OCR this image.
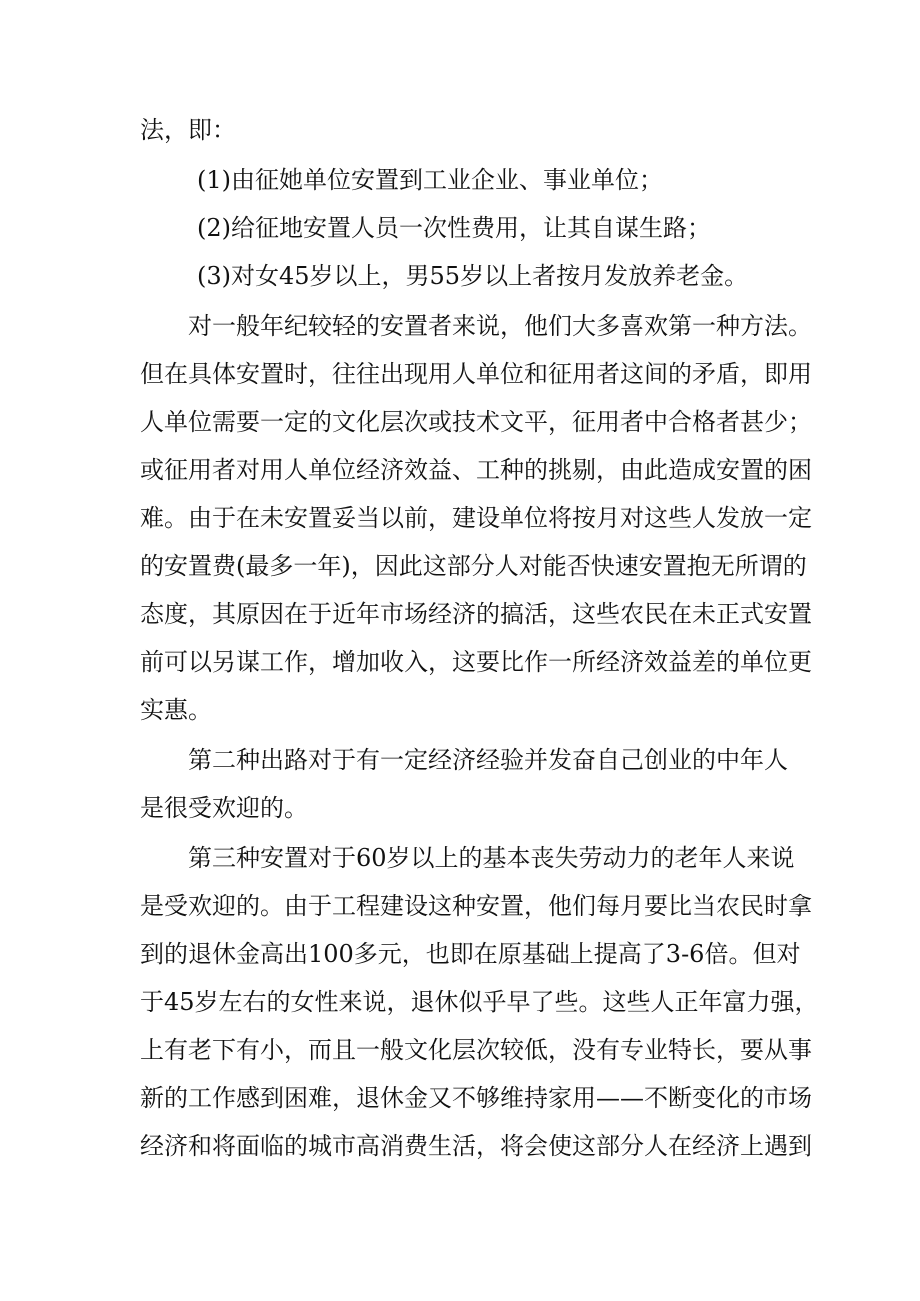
法，即：
(1)由征她单位安置到工业企业、事业单位；
(2)给征地安置人员一次性费用，让其自谋生路；
(3)对女45岁以上，男55岁以上者按月发放养老金。
对一般年纪较轻的安置者来说，他们大多喜欢第一种方法。
但在具体安置时，往往出现用人单位和征用者这间的矛盾，即用
人单位需要一定的文化层次或技术文平，征用者中合格者甚少；
或征用者对用人单位经济效益、工种的挑剔，由此造成安置的困
难。由于在未安置妥当以前，建设单位将按月对这些人发放一定
的安置费(最多一年)，因此这部分人对能否快速安置抱无所谓的
态度，其原因在于近年市场经济的搞活，这些农民在未正式安置
前可以另谋工作，增加收入，这要比作一所经济效益差的单位更
实惠。
第二种出路对于有一定经济经验并发奋自己创业的中年人
是很受欢迎的。
第三种安置对于60岁以上的基本丧失劳动力的老年人来说
是受欢迎的。由于工程建设这种安置，他们每月要比当农民时拿
到的退休金高出100多元，也即在原基础上提高了3-6倍。但对
于45岁左右的女性来说，退休似乎早了些。这些人正年富力强，
上有老下有小，而且一般文化层次较低，没有专业特长，要从事
新的工作感到困难，退休金又不够维持家用——不断变化的市场
经济和将面临的城市高消费生活，将会使这部分人在经济上遇到
